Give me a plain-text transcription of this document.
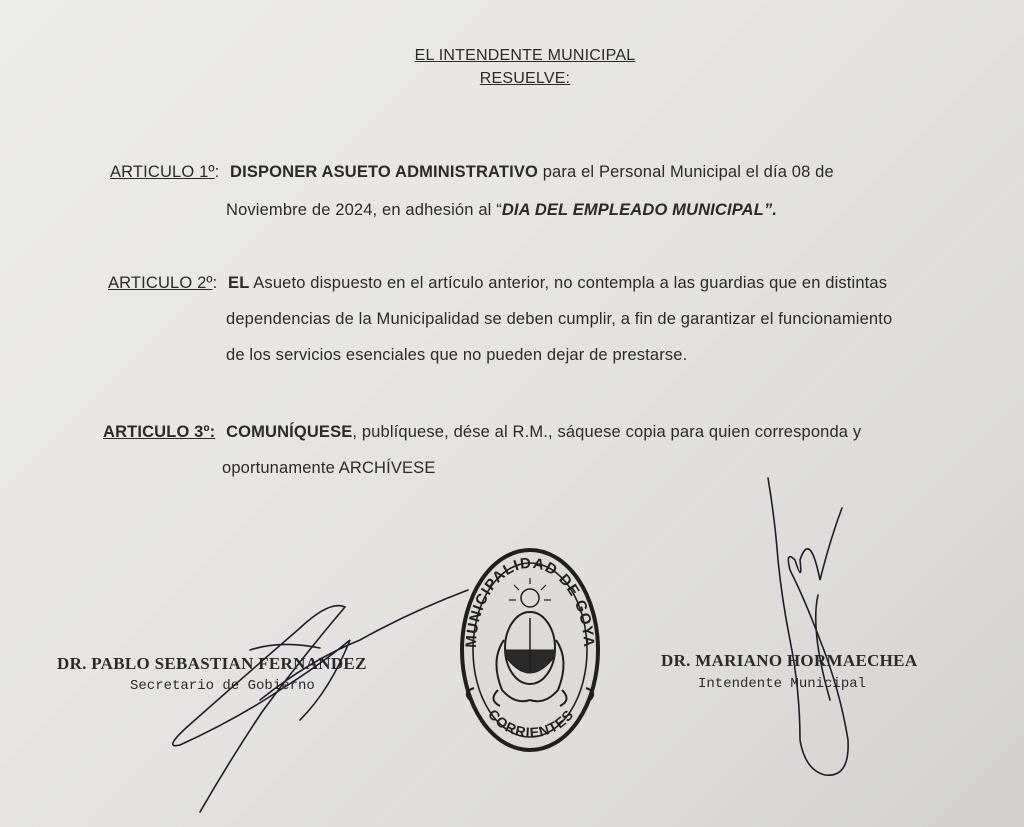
EL INTENDENTE MUNICIPAL
RESUELVE:
ARTICULO 1º: DISPONER ASUETO ADMINISTRATIVO para el Personal Municipal el día 08 de
Noviembre de 2024, en adhesión al “DIA DEL EMPLEADO MUNICIPAL”.
ARTICULO 2º: EL Asueto dispuesto en el artículo anterior, no contempla a las guardias que en distintas
dependencias de la Municipalidad se deben cumplir, a fin de garantizar el funcionamiento
de los servicios esenciales que no pueden dejar de prestarse.
ARTICULO 3º: COMUNÍQUESE, publíquese, dése al R.M., sáquese copia para quien corresponda y
oportunamente ARCHÍVESE
DR. PABLO SEBASTIAN FERNANDEZ
Secretario de Gobierno
DR. MARIANO HORMAECHEA
Intendente Municipal
MUNICIPALIDAD DE GOYA
CORRIENTES
